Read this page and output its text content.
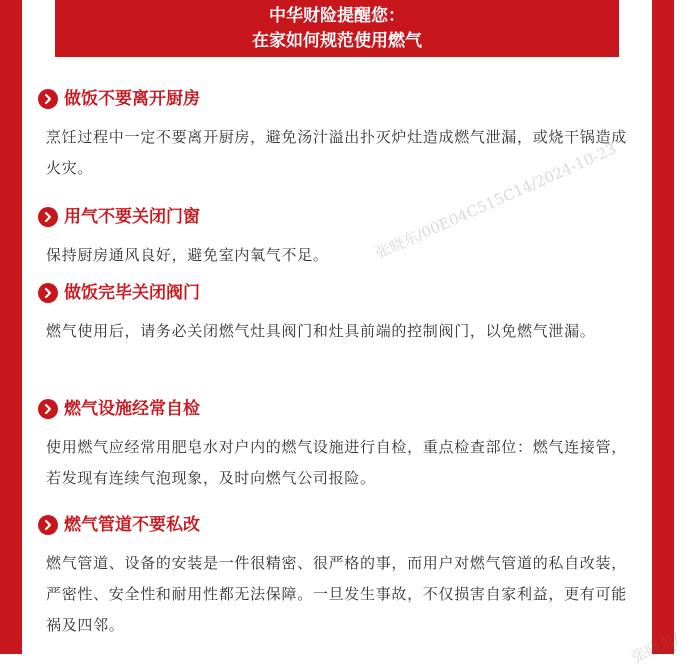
中华财险提醒您：
在家如何规范使用燃气
做饭不要离开厨房
烹饪过程中一定不要离开厨房，避免汤汁溢出扑灭炉灶造成燃气泄漏，或烧干锅造成火灾。
用气不要关闭门窗
保持厨房通风良好，避免室内氧气不足。
做饭完毕关闭阀门
燃气使用后，请务必关闭燃气灶具阀门和灶具前端的控制阀门，以免燃气泄漏。
燃气设施经常自检
使用燃气应经常用肥皂水对户内的燃气设施进行自检，重点检查部位：燃气连接管，若发现有连续气泡现象，及时向燃气公司报险。
燃气管道不要私改
燃气管道、设备的安装是一件很精密、很严格的事，而用户对燃气管道的私自改装，严密性、安全性和耐用性都无法保障。一旦发生事故，不仅损害自家利益，更有可能祸及四邻。
张晓东/00E04C515C14/2024-10-23
张晓东/
